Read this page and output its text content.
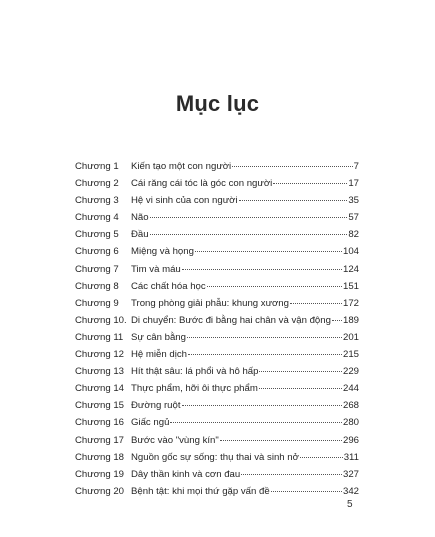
Mục lục
Chương 1	Kiến tạo một con người	7
Chương 2	Cái răng cái tóc là góc con người	17
Chương 3	Hệ vi sinh của con người	35
Chương 4	Não	57
Chương 5	Đầu	82
Chương 6	Miệng và họng	104
Chương 7	Tim và máu	124
Chương 8	Các chất hóa học	151
Chương 9	Trong phòng giải phẫu: khung xương	172
Chương 10. Di chuyển: Bước đi bằng hai chân và vận động 189
Chương 11 Sự cân bằng	201
Chương 12 Hệ miễn dịch	215
Chương 13 Hít thật sâu: lá phổi và hô hấp	229
Chương 14 Thực phẩm, hỡi ôi thực phẩm	244
Chương 15 Đường ruột	268
Chương 16 Giấc ngủ	280
Chương 17 Bước vào "vùng kín"	296
Chương 18 Nguồn gốc sự sống: thụ thai và sinh nở	311
Chương 19 Dây thần kinh và cơn đau	327
Chương 20 Bệnh tật: khi mọi thứ gặp vấn đề	342
5
